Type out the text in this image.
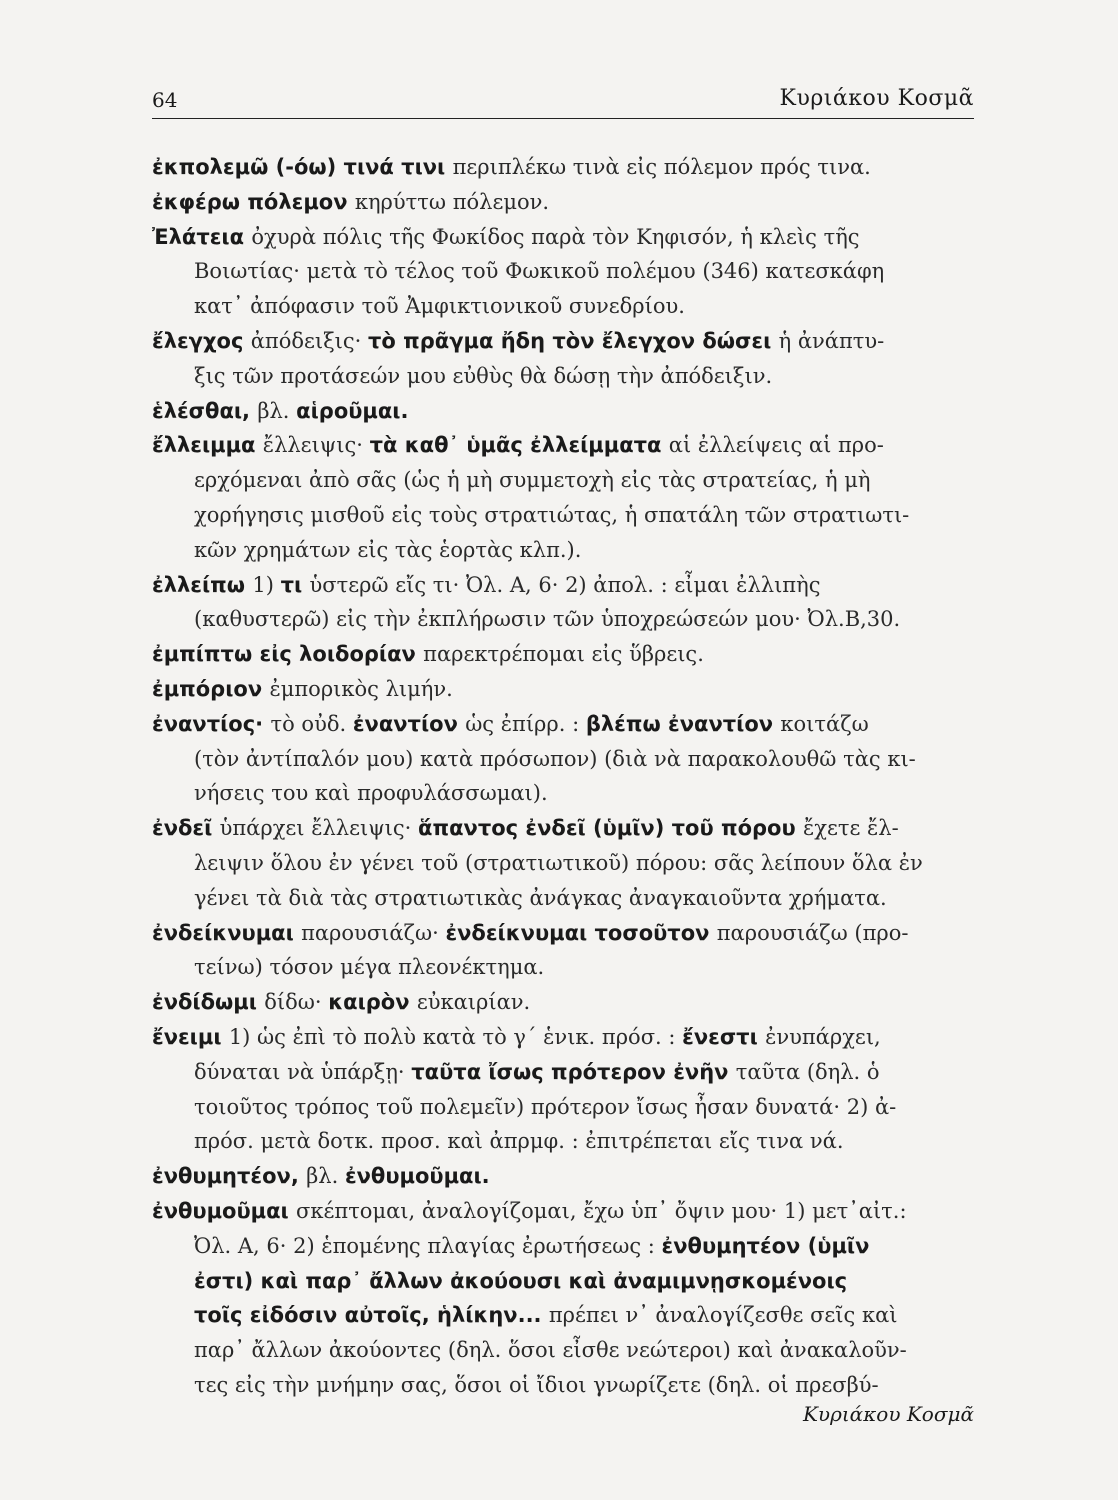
64	Κυριάκου Κοσμᾶ
ἐκπολεμῶ (-όω) τινά τινι περιπλέκω τινὰ εἰς πόλεμον πρός τινα.
ἐκφέρω πόλεμον κηρύττω πόλεμον.
Ἐλάτεια ὀχυρὰ πόλις τῆς Φωκίδος παρὰ τὸν Κηφισόν, ἡ κλεὶς τῆς
Βοιωτίας· μετὰ τὸ τέλος τοῦ Φωκικοῦ πολέμου (346) κατεσκάφη
κατ᾿ ἀπόφασιν τοῦ Ἀμφικτιονικοῦ συνεδρίου.
ἔλεγχος ἀπόδειξις· τὸ πρᾶγμα ἤδη τὸν ἔλεγχον δώσει ἡ ἀνάπτυ-
ξις τῶν προτάσεών μου εὐθὺς θὰ δώσῃ τὴν ἀπόδειξιν.
ἑλέσθαι, βλ. αἱροῦμαι.
ἔλλειμμα ἔλλειψις· τὰ καθ᾿ ὑμᾶς ἐλλείμματα αἱ ἐλλείψεις αἱ προ-
ερχόμεναι ἀπὸ σᾶς (ὡς ἡ μὴ συμμετοχὴ εἰς τὰς στρατείας, ἡ μὴ
χορήγησις μισθοῦ εἰς τοὺς στρατιώτας, ἡ σπατάλη τῶν στρατιωτι-
κῶν χρημάτων εἰς τὰς ἑορτὰς κλπ.).
ἐλλείπω 1) τι ὑστερῶ εἴς τι· Ὀλ. Α, 6· 2) ἀπολ. : εἶμαι ἐλλιπὴς
(καθυστερῶ) εἰς τὴν ἐκπλήρωσιν τῶν ὑποχρεώσεών μου· Ὀλ.Β,30.
ἐμπίπτω εἰς λοιδορίαν παρεκτρέπομαι εἰς ὕβρεις.
ἐμπόριον ἐμπορικὸς λιμήν.
ἐναντίος· τὸ οὐδ. ἐναντίον ὡς ἐπίρρ. : βλέπω ἐναντίον κοιτάζω
(τὸν ἀντίπαλόν μου) κατὰ πρόσωπον) (διὰ νὰ παρακολουθῶ τὰς κι-
νήσεις του καὶ προφυλάσσωμαι).
ἐνδεῖ ὑπάρχει ἔλλειψις· ἅπαντος ἐνδεῖ (ὑμῖν) τοῦ πόρου ἔχετε ἔλ-
λειψιν ὅλου ἐν γένει τοῦ (στρατιωτικοῦ) πόρου: σᾶς λείπουν ὅλα ἐν
γένει τὰ διὰ τὰς στρατιωτικὰς ἀνάγκας ἀναγκαιοῦντα χρήματα.
ἐνδείκνυμαι παρουσιάζω· ἐνδείκνυμαι τοσοῦτον παρουσιάζω (προ-
τείνω) τόσον μέγα πλεονέκτημα.
ἐνδίδωμι δίδω· καιρὸν εὐκαιρίαν.
ἔνειμι 1) ὡς ἐπὶ τὸ πολὺ κατὰ τὸ γ΄ ἑνικ. πρόσ. : ἔνεστι ἐνυπάρχει,
δύναται νὰ ὑπάρξῃ· ταῦτα ἴσως πρότερον ἐνῆν ταῦτα (δηλ. ὁ
τοιοῦτος τρόπος τοῦ πολεμεῖν) πρότερον ἴσως ἦσαν δυνατά· 2) ἀ-
πρόσ. μετὰ δοτκ. προσ. καὶ ἀπρμφ. : ἐπιτρέπεται εἴς τινα νά.
ἐνθυμητέον, βλ. ἐνθυμοῦμαι.
ἐνθυμοῦμαι σκέπτομαι, ἀναλογίζομαι, ἔχω ὑπ᾿ ὄψιν μου· 1) μετ᾿αἰτ.:
Ὀλ. Α, 6· 2) ἑπομένης πλαγίας ἐρωτήσεως : ἐνθυμητέον (ὑμῖν
ἐστι) καὶ παρ᾿ ἄλλων ἀκούουσι καὶ ἀναμιμνῃσκομένοις
τοῖς εἰδόσιν αὐτοῖς, ἡλίκην... πρέπει ν᾿ ἀναλογίζεσθε σεῖς καὶ
παρ᾿ ἄλλων ἀκούοντες (δηλ. ὅσοι εἶσθε νεώτεροι) καὶ ἀνακαλοῦν-
τες εἰς τὴν μνήμην σας, ὅσοι οἱ ἴδιοι γνωρίζετε (δηλ. οἱ πρεσβύ-
Κυριάκου Κοσμᾶ
